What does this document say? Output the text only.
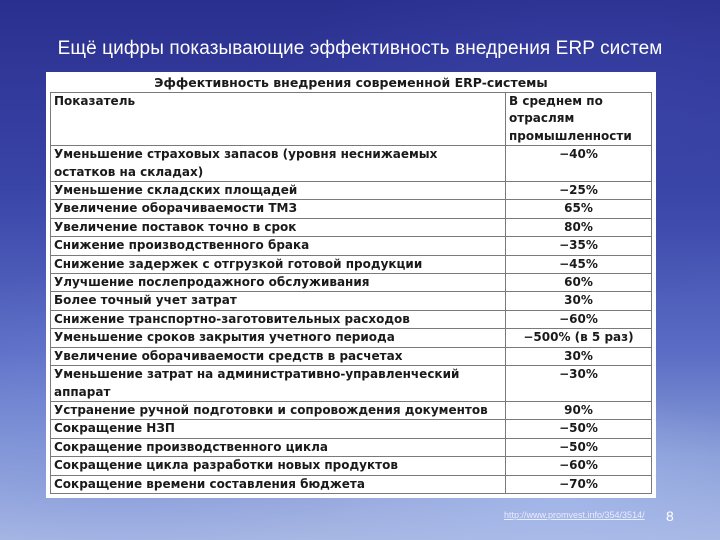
Ещё цифры показывающие эффективность внедрения ERP систем
Эффективность внедрения современной ERP-системы
Показатель	В среднем по отраслям промышленности
Уменьшение страховых запасов (уровня неснижаемых остатков на складах)	−40%
Уменьшение складских площадей	−25%
Увеличение оборачиваемости ТМЗ	65%
Увеличение поставок точно в срок	80%
Снижение производственного брака	−35%
Снижение задержек с отгрузкой готовой продукции	−45%
Улучшение послепродажного обслуживания	60%
Более точный учет затрат	30%
Снижение транспортно-заготовительных расходов	−60%
Уменьшение сроков закрытия учетного периода	−500% (в 5 раз)
Увеличение оборачиваемости средств в расчетах	30%
Уменьшение затрат на административно-управленческий аппарат	−30%
Устранение ручной подготовки и сопровождения документов	90%
Сокращение НЗП	−50%
Сокращение производственного цикла	−50%
Сокращение цикла разработки новых продуктов	−60%
Сокращение времени составления бюджета	−70%
http://www.promvest.info/354/3514/ 8
